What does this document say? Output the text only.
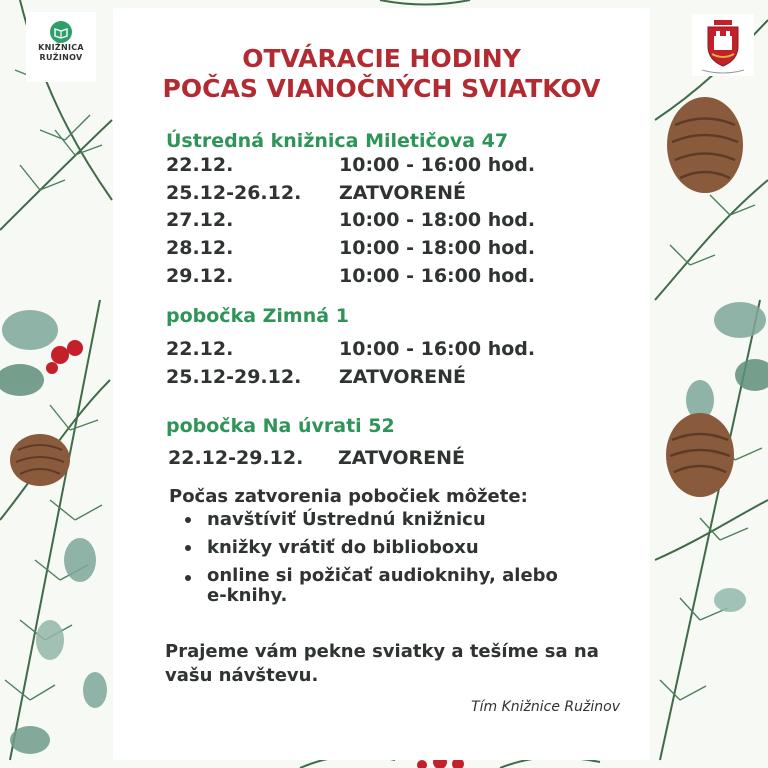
OTVÁRACIE HODINY
POČAS VIANOČNÝCH SVIATKOV
Ústredná knižnica Miletičova 47
22.12.	10:00 - 16:00 hod.
25.12-26.12. ZATVORENÉ
27.12.	10:00 - 18:00 hod.
28.12.	10:00 - 18:00 hod.
29.12.	10:00 - 16:00 hod.
pobočka Zimná 1
22.12.	10:00 - 16:00 hod.
25.12-29.12. ZATVORENÉ
pobočka Na úvrati 52
22.12-29.12. ZATVORENÉ
Počas zatvorenia pobočiek môžete:
navštíviť Ústrednú knižnicu
knižky vrátiť do biblioboxu
online si požičať audioknihy, alebo e-knihy.
Prajeme vám pekne sviatky a tešíme sa na vašu návštevu.
Tím Knižnice Ružinov
KNIŽNICA
RUŽINOV
